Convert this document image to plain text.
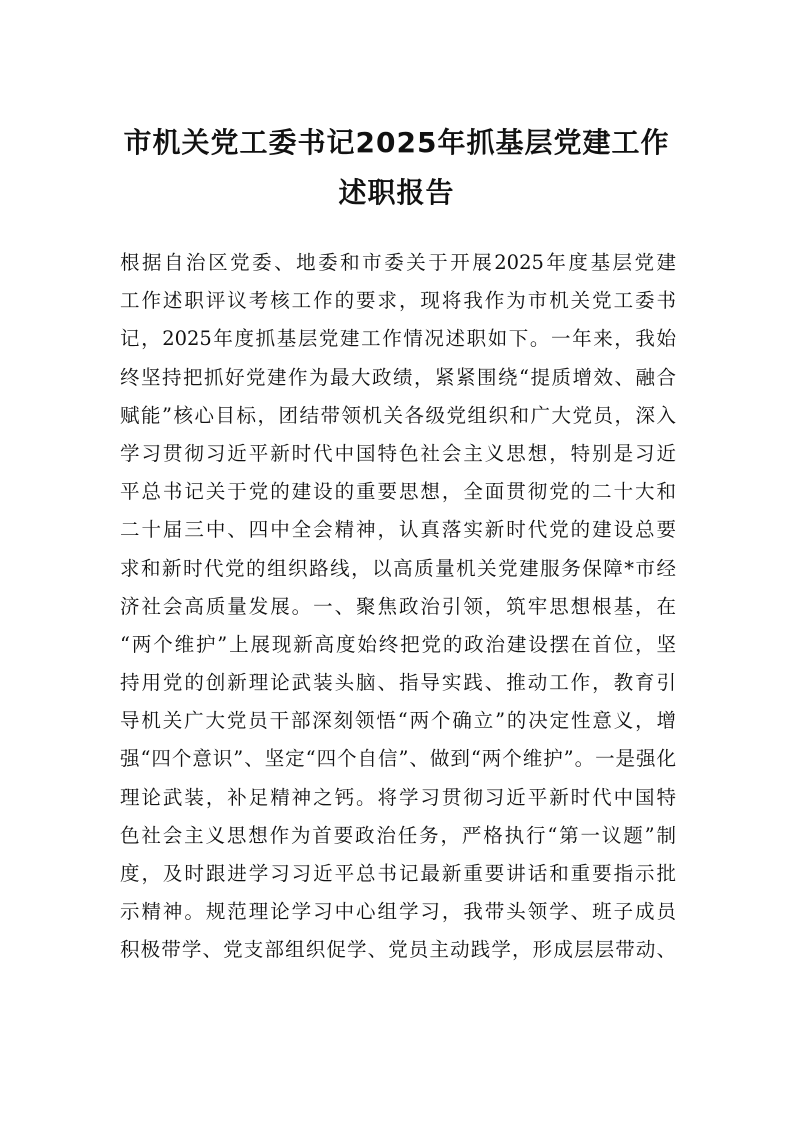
市机关党工委书记2025年抓基层党建工作
述职报告
根据自治区党委、地委和市委关于开展2025年度基层党建
工作述职评议考核工作的要求，现将我作为市机关党工委书
记，2025年度抓基层党建工作情况述职如下。一年来，我始
终坚持把抓好党建作为最大政绩，紧紧围绕“提质增效、融合
赋能”核心目标，团结带领机关各级党组织和广大党员，深入
学习贯彻习近平新时代中国特色社会主义思想，特别是习近
平总书记关于党的建设的重要思想，全面贯彻党的二十大和
二十届三中、四中全会精神，认真落实新时代党的建设总要
求和新时代党的组织路线，以高质量机关党建服务保障*市经
济社会高质量发展。一、聚焦政治引领，筑牢思想根基，在
“两个维护”上展现新高度始终把党的政治建设摆在首位，坚
持用党的创新理论武装头脑、指导实践、推动工作，教育引
导机关广大党员干部深刻领悟“两个确立”的决定性意义，增
强“四个意识”、坚定“四个自信”、做到“两个维护”。一是强化
理论武装，补足精神之钙。将学习贯彻习近平新时代中国特
色社会主义思想作为首要政治任务，严格执行“第一议题”制
度，及时跟进学习习近平总书记最新重要讲话和重要指示批
示精神。规范理论学习中心组学习，我带头领学、班子成员
积极带学、党支部组织促学、党员主动践学，形成层层带动、
